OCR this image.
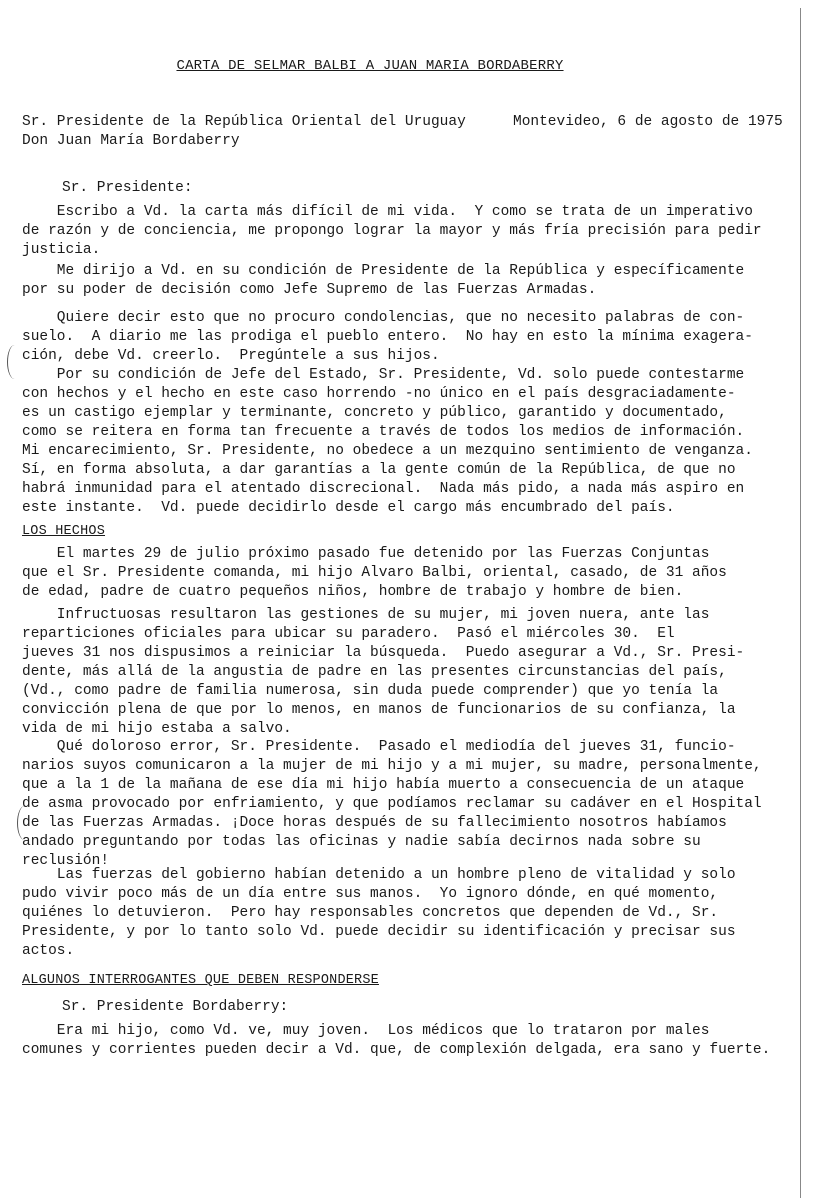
CARTA DE SELMAR BALBI A JUAN MARIA BORDABERRY
Sr. Presidente de la República Oriental del Uruguay
Don Juan María Bordaberry
Montevideo, 6 de agosto de 1975
Sr. Presidente:
Escribo a Vd. la carta más difícil de mi vida.  Y como se trata de un imperativo
de razón y de conciencia, me propongo lograr la mayor y más fría precisión para pedir
justicia.
Me dirijo a Vd. en su condición de Presidente de la República y específicamente
por su poder de decisión como Jefe Supremo de las Fuerzas Armadas.
Quiere decir esto que no procuro condolencias, que no necesito palabras de con-
suelo.  A diario me las prodiga el pueblo entero.  No hay en esto la mínima exagera-
ción, debe Vd. creerlo.  Pregúntele a sus hijos.
Por su condición de Jefe del Estado, Sr. Presidente, Vd. solo puede contestarme
con hechos y el hecho en este caso horrendo -no único en el país desgraciadamente-
es un castigo ejemplar y terminante, concreto y público, garantido y documentado,
como se reitera en forma tan frecuente a través de todos los medios de información.
Mi encarecimiento, Sr. Presidente, no obedece a un mezquino sentimiento de venganza.
Sí, en forma absoluta, a dar garantías a la gente común de la República, de que no
habrá inmunidad para el atentado discrecional.  Nada más pido, a nada más aspiro en
este instante.  Vd. puede decidirlo desde el cargo más encumbrado del país.
LOS HECHOS
El martes 29 de julio próximo pasado fue detenido por las Fuerzas Conjuntas
que el Sr. Presidente comanda, mi hijo Alvaro Balbi, oriental, casado, de 31 años
de edad, padre de cuatro pequeños niños, hombre de trabajo y hombre de bien.
Infructuosas resultaron las gestiones de su mujer, mi joven nuera, ante las
reparticiones oficiales para ubicar su paradero.  Pasó el miércoles 30.  El
jueves 31 nos dispusimos a reiniciar la búsqueda.  Puedo asegurar a Vd., Sr. Presi-
dente, más allá de la angustia de padre en las presentes circunstancias del país,
(Vd., como padre de familia numerosa, sin duda puede comprender) que yo tenía la
convicción plena de que por lo menos, en manos de funcionarios de su confianza, la
vida de mi hijo estaba a salvo.
Qué doloroso error, Sr. Presidente.  Pasado el mediodía del jueves 31, funcio-
narios suyos comunicaron a la mujer de mi hijo y a mi mujer, su madre, personalmente,
que a la 1 de la mañana de ese día mi hijo había muerto a consecuencia de un ataque
de asma provocado por enfriamiento, y que podíamos reclamar su cadáver en el Hospital
de las Fuerzas Armadas. ¡Doce horas después de su fallecimiento nosotros habíamos
andado preguntando por todas las oficinas y nadie sabía decirnos nada sobre su
reclusión!
Las fuerzas del gobierno habían detenido a un hombre pleno de vitalidad y solo
pudo vivir poco más de un día entre sus manos.  Yo ignoro dónde, en qué momento,
quiénes lo detuvieron.  Pero hay responsables concretos que dependen de Vd., Sr.
Presidente, y por lo tanto solo Vd. puede decidir su identificación y precisar sus
actos.
ALGUNOS INTERROGANTES QUE DEBEN RESPONDERSE
Sr. Presidente Bordaberry:
Era mi hijo, como Vd. ve, muy joven.  Los médicos que lo trataron por males
comunes y corrientes pueden decir a Vd. que, de complexión delgada, era sano y fuerte.
